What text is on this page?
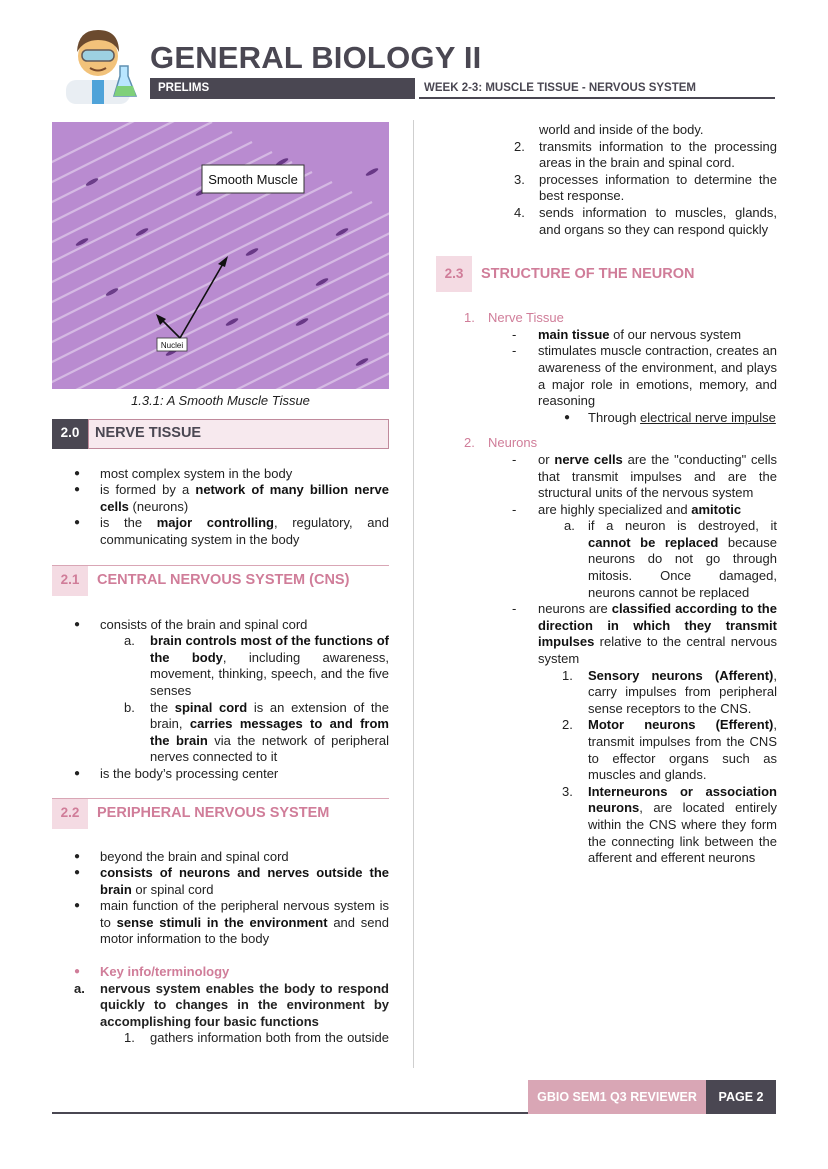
GENERAL BIOLOGY II
PRELIMS	WEEK 2-3: MUSCLE TISSUE - NERVOUS SYSTEM
Smooth Muscle
Nuclei
1.3.1: A Smooth Muscle Tissue
2.0	NERVE TISSUE
● most complex system in the body
● is formed by a network of many billion nerve cells (neurons)
● is the major controlling, regulatory, and communicating system in the body
2.1	CENTRAL NERVOUS SYSTEM (CNS)
● consists of the brain and spinal cord
a. brain controls most of the functions of the body, including awareness, movement, thinking, speech, and the five senses
b. the spinal cord is an extension of the brain, carries messages to and from the brain via the network of peripheral nerves connected to it
● is the body’s processing center
2.2	PERIPHERAL NERVOUS SYSTEM
● beyond the brain and spinal cord
● consists of neurons and nerves outside the brain or spinal cord
● main function of the peripheral nervous system is to sense stimuli in the environment and send motor information to the body
● Key info/terminology
a. nervous system enables the body to respond quickly to changes in the environment by accomplishing four basic functions
1. gathers information both from the outside
world and inside of the body.
2. transmits information to the processing areas in the brain and spinal cord.
3. processes information to determine the best response.
4. sends information to muscles, glands, and organs so they can respond quickly
2.3	STRUCTURE OF THE NEURON
1. Nerve Tissue
- main tissue of our nervous system
- stimulates muscle contraction, creates an awareness of the environment, and plays a major role in emotions, memory, and reasoning
● Through electrical nerve impulse
2. Neurons
- or nerve cells are the "conducting" cells that transmit impulses and are the structural units of the nervous system
- are highly specialized and amitotic
a. if a neuron is destroyed, it cannot be replaced because neurons do not go through mitosis. Once damaged, neurons cannot be replaced
- neurons are classified according to the direction in which they transmit impulses relative to the central nervous system
1. Sensory neurons (Afferent), carry impulses from peripheral sense receptors to the CNS.
2. Motor neurons (Efferent), transmit impulses from the CNS to effector organs such as muscles and glands.
3. Interneurons or association neurons, are located entirely within the CNS where they form the connecting link between the afferent and efferent neurons
GBIO SEM1 Q3 REVIEWER	PAGE 2
